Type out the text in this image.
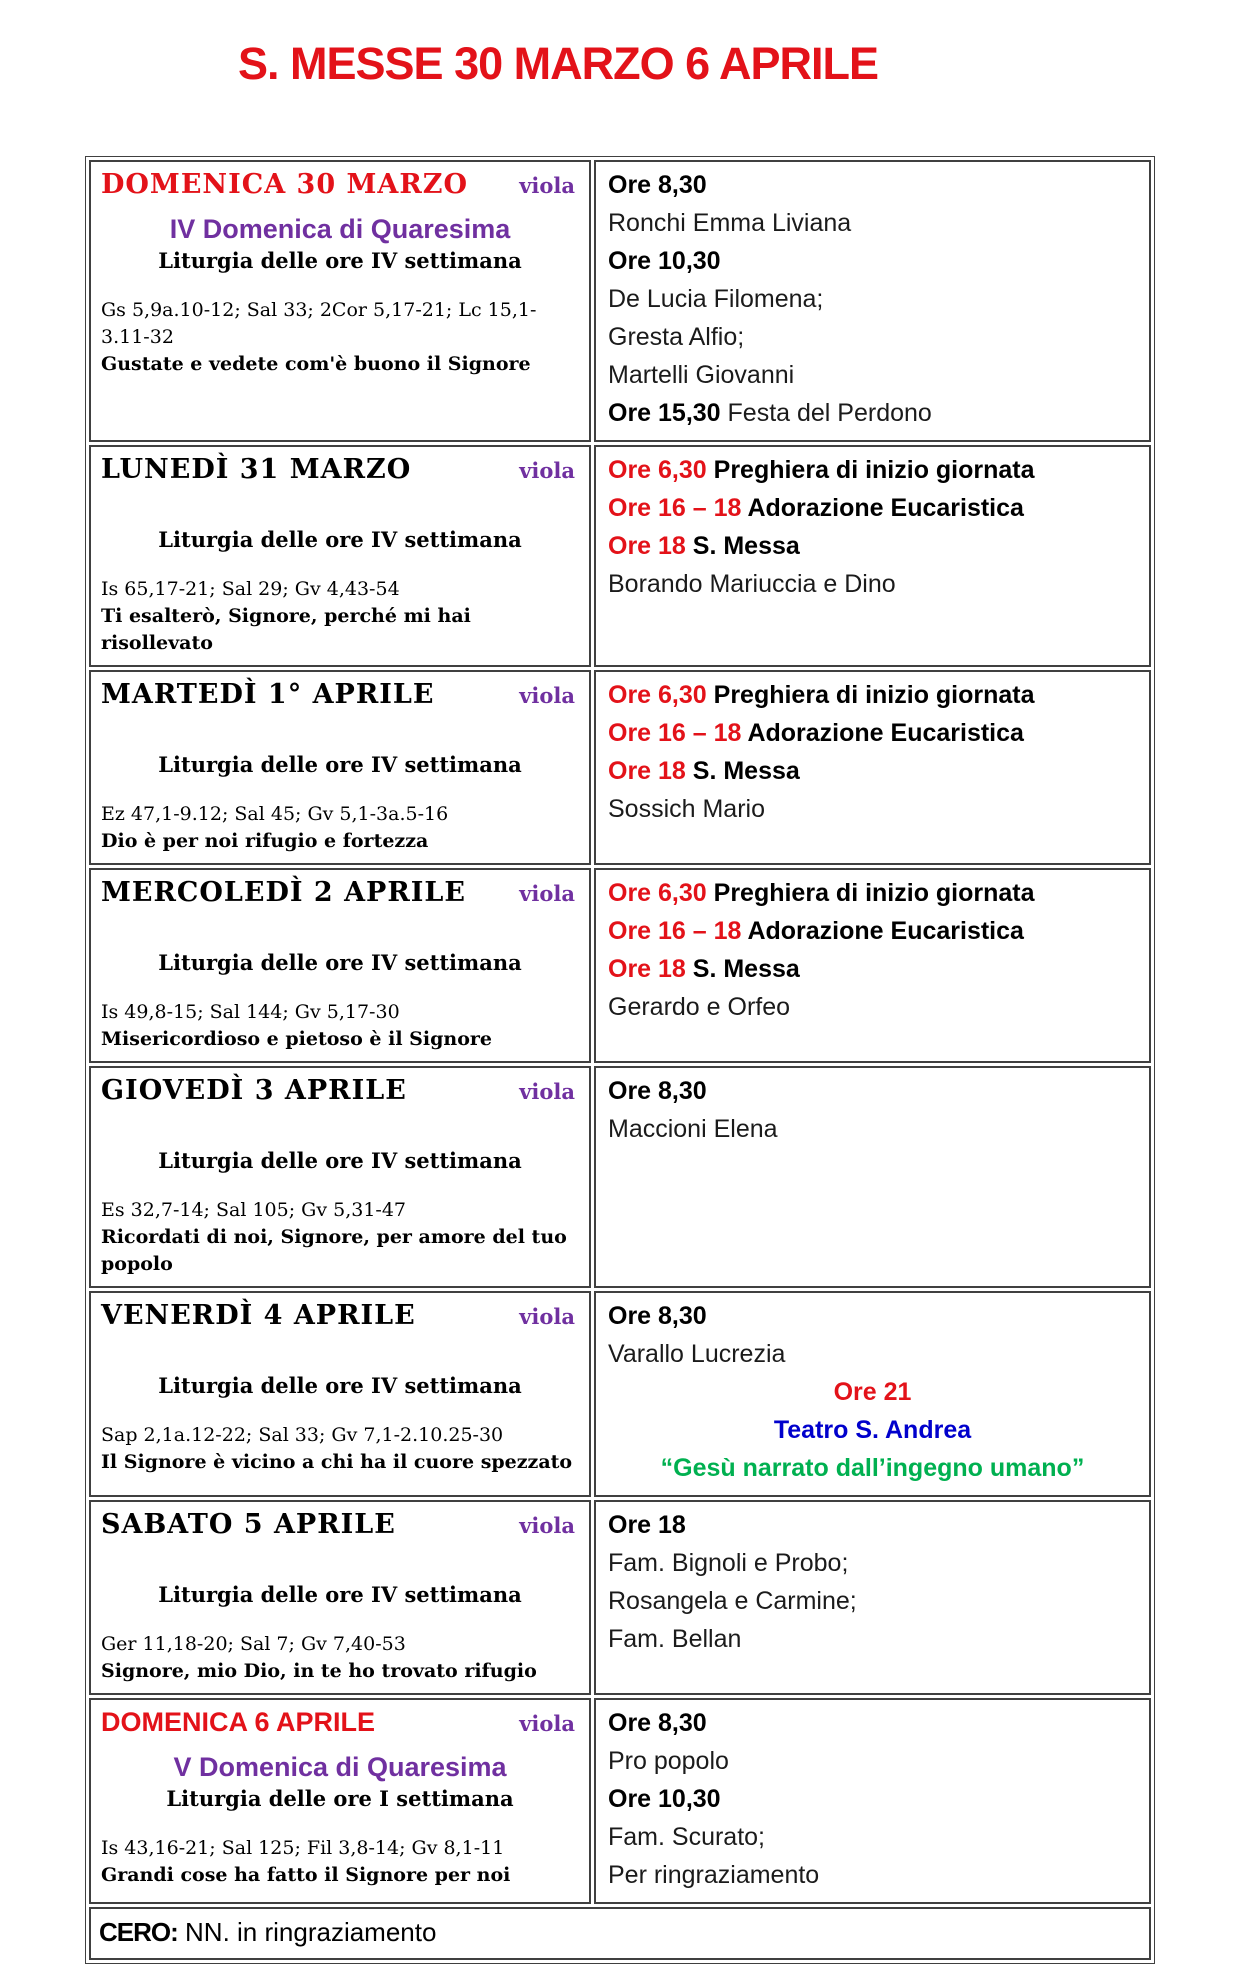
S. MESSE 30 MARZO 6 APRILE
DOMENICA 30 MARZO viola
IV Domenica di Quaresima
Liturgia delle ore IV settimana
Gs 5,9a.10-12; Sal 33; 2Cor 5,17-21; Lc 15,1-3.11-32
Gustate e vedete com'è buono il Signore

Ore 8,30
Ronchi Emma Liviana
Ore 10,30
De Lucia Filomena;
Gresta Alfio;
Martelli Giovanni
Ore 15,30 Festa del Perdono

LUNEDÌ 31 MARZO	viola
Liturgia delle ore IV settimana
Is 65,17-21; Sal 29; Gv 4,43-54
Ti esalterò, Signore, perché mi hai risollevato

Ore 6,30 Preghiera di inizio giornata
Ore 16 – 18 Adorazione Eucaristica
Ore 18 S. Messa
Borando Mariuccia e Dino

MARTEDÌ 1° APRILE	viola
Liturgia delle ore IV settimana
Ez 47,1-9.12; Sal 45; Gv 5,1-3a.5-16
Dio è per noi rifugio e fortezza

Ore 6,30 Preghiera di inizio giornata
Ore 16 – 18 Adorazione Eucaristica
Ore 18 S. Messa
Sossich Mario

MERCOLEDÌ 2 APRILE	viola
Liturgia delle ore IV settimana
Is 49,8-15; Sal 144; Gv 5,17-30
Misericordioso e pietoso è il Signore

Ore 6,30 Preghiera di inizio giornata
Ore 16 – 18 Adorazione Eucaristica
Ore 18 S. Messa
Gerardo e Orfeo

GIOVEDÌ 3 APRILE	viola
Liturgia delle ore IV settimana
Es 32,7-14; Sal 105; Gv 5,31-47
Ricordati di noi, Signore, per amore del tuo popolo

Ore 8,30
Maccioni Elena

VENERDÌ 4 APRILE	viola
Liturgia delle ore IV settimana
Sap 2,1a.12-22; Sal 33; Gv 7,1-2.10.25-30
Il Signore è vicino a chi ha il cuore spezzato

Ore 8,30
Varallo Lucrezia
Ore 21
Teatro S. Andrea
“Gesù narrato dall’ingegno umano”

SABATO 5 APRILE	viola
Liturgia delle ore IV settimana
Ger 11,18-20; Sal 7; Gv 7,40-53
Signore, mio Dio, in te ho trovato rifugio

Ore 18
Fam. Bignoli e Probo;
Rosangela e Carmine;
Fam. Bellan

DOMENICA 6 APRILE	viola
V Domenica di Quaresima
Liturgia delle ore I settimana
Is 43,16-21; Sal 125; Fil 3,8-14; Gv 8,1-11
Grandi cose ha fatto il Signore per noi

Ore 8,30
Pro popolo
Ore 10,30
Fam. Scurato;
Per ringraziamento

CERO: NN. in ringraziamento	
